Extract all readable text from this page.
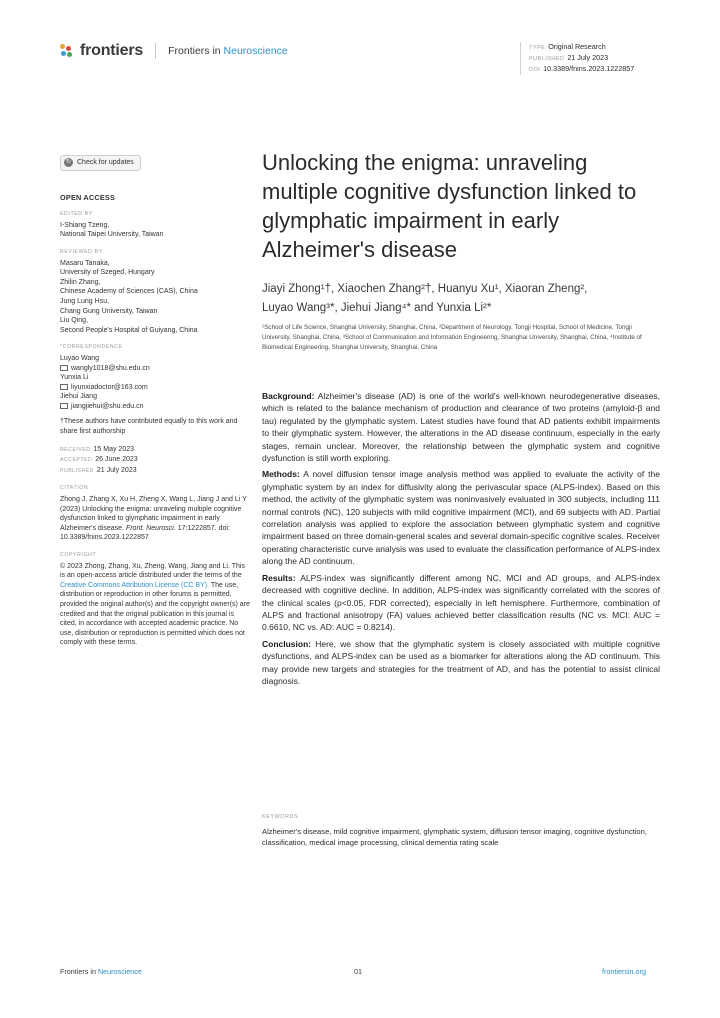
frontiers Frontiers in Neuroscience	TYPE Original Research
PUBLISHED 21 July 2023
DOI 10.3389/fnins.2023.1222857
↻ Check for updates
OPEN ACCESS
EDITED BY
I-Shiang Tzeng,
National Taipei University, Taiwan
REVIEWED BY
Masaru Tanaka,
University of Szeged, Hungary
Zhilin Zhang,
Chinese Academy of Sciences (CAS), China
Jung Lung Hsu,
Chang Gung University, Taiwan
Liu Qing,
Second People's Hospital of Guiyang, China
*CORRESPONDENCE
Luyao Wang
wangly1018@shu.edu.cn
Yunxia Li
liyunxiadoctor@163.com
Jiehui Jiang
jiangjiehui@shu.edu.cn
†These authors have contributed equally to this work and share first authorship
RECEIVED 15 May 2023
ACCEPTED 26 June 2023
PUBLISHED 21 July 2023
CITATION
Zhong J, Zhang X, Xu H, Zheng X, Wang L, Jiang J and Li Y (2023) Unlocking the enigma: unraveling multiple cognitive dysfunction linked to glymphatic impairment in early Alzheimer's disease. Front. Neurosci. 17:1222857. doi: 10.3389/fnins.2023.1222857
COPYRIGHT
© 2023 Zhong, Zhang, Xu, Zheng, Wang, Jiang and Li. This is an open-access article distributed under the terms of the Creative Commons Attribution License (CC BY). The use, distribution or reproduction in other forums is permitted, provided the original author(s) and the copyright owner(s) are credited and that the original publication in this journal is cited, in accordance with accepted academic practice. No use, distribution or reproduction is permitted which does not comply with these terms.
Unlocking the enigma: unraveling multiple cognitive dysfunction linked to glymphatic impairment in early Alzheimer's disease
Jiayi Zhong¹†, Xiaochen Zhang²†, Huanyu Xu¹, Xiaoran Zheng²,
Luyao Wang³*, Jiehui Jiang⁴* and Yunxia Li²*
¹School of Life Science, Shanghai University, Shanghai, China, ²Department of Neurology, Tongji Hospital, School of Medicine, Tongji University, Shanghai, China, ³School of Communication and Information Engineering, Shanghai University, Shanghai, China, ⁴Institute of Biomedical Engineering, Shanghai University, Shanghai, China

Background: Alzheimer's disease (AD) is one of the world's well-known neurodegenerative diseases, which is related to the balance mechanism of production and clearance of two proteins (amyloid-β and tau) regulated by the glymphatic system. Latest studies have found that AD patients exhibit impairments to their glymphatic system. However, the alterations in the AD disease continuum, especially in the early stages, remain unclear. Moreover, the relationship between the glymphatic system and cognitive dysfunction is still worth exploring.

Methods: A novel diffusion tensor image analysis method was applied to evaluate the activity of the glymphatic system by an index for diffusivity along the perivascular space (ALPS-index). Based on this method, the activity of the glymphatic system was noninvasively evaluated in 300 subjects, including 111 normal controls (NC), 120 subjects with mild cognitive impairment (MCI), and 69 subjects with AD. Partial correlation analysis was applied to explore the association between glymphatic system and cognitive impairment based on three domain-general scales and several domain-specific cognitive scales. Receiver operating characteristic curve analysis was used to evaluate the classification performance of ALPS-index along the AD continuum.

Results: ALPS-index was significantly different among NC, MCI and AD groups, and ALPS-index decreased with cognitive decline. In addition, ALPS-index was significantly correlated with the scores of the clinical scales (p<0.05, FDR corrected), especially in left hemisphere. Furthermore, combination of ALPS and fractional anisotropy (FA) values achieved better classification results (NC vs. MCI: AUC = 0.6610, NC vs. AD: AUC = 0.8214).

Conclusion: Here, we show that the glymphatic system is closely associated with multiple cognitive dysfunctions, and ALPS-index can be used as a biomarker for alterations along the AD continuum. This may provide new targets and strategies for the treatment of AD, and has the potential to assist clinical diagnosis.

KEYWORDS
Alzheimer's disease, mild cognitive impairment, glymphatic system, diffusion tensor imaging, cognitive dysfunction, classification, medical image processing, clinical dementia rating scale
Frontiers in Neuroscience	01	frontiersin.org
